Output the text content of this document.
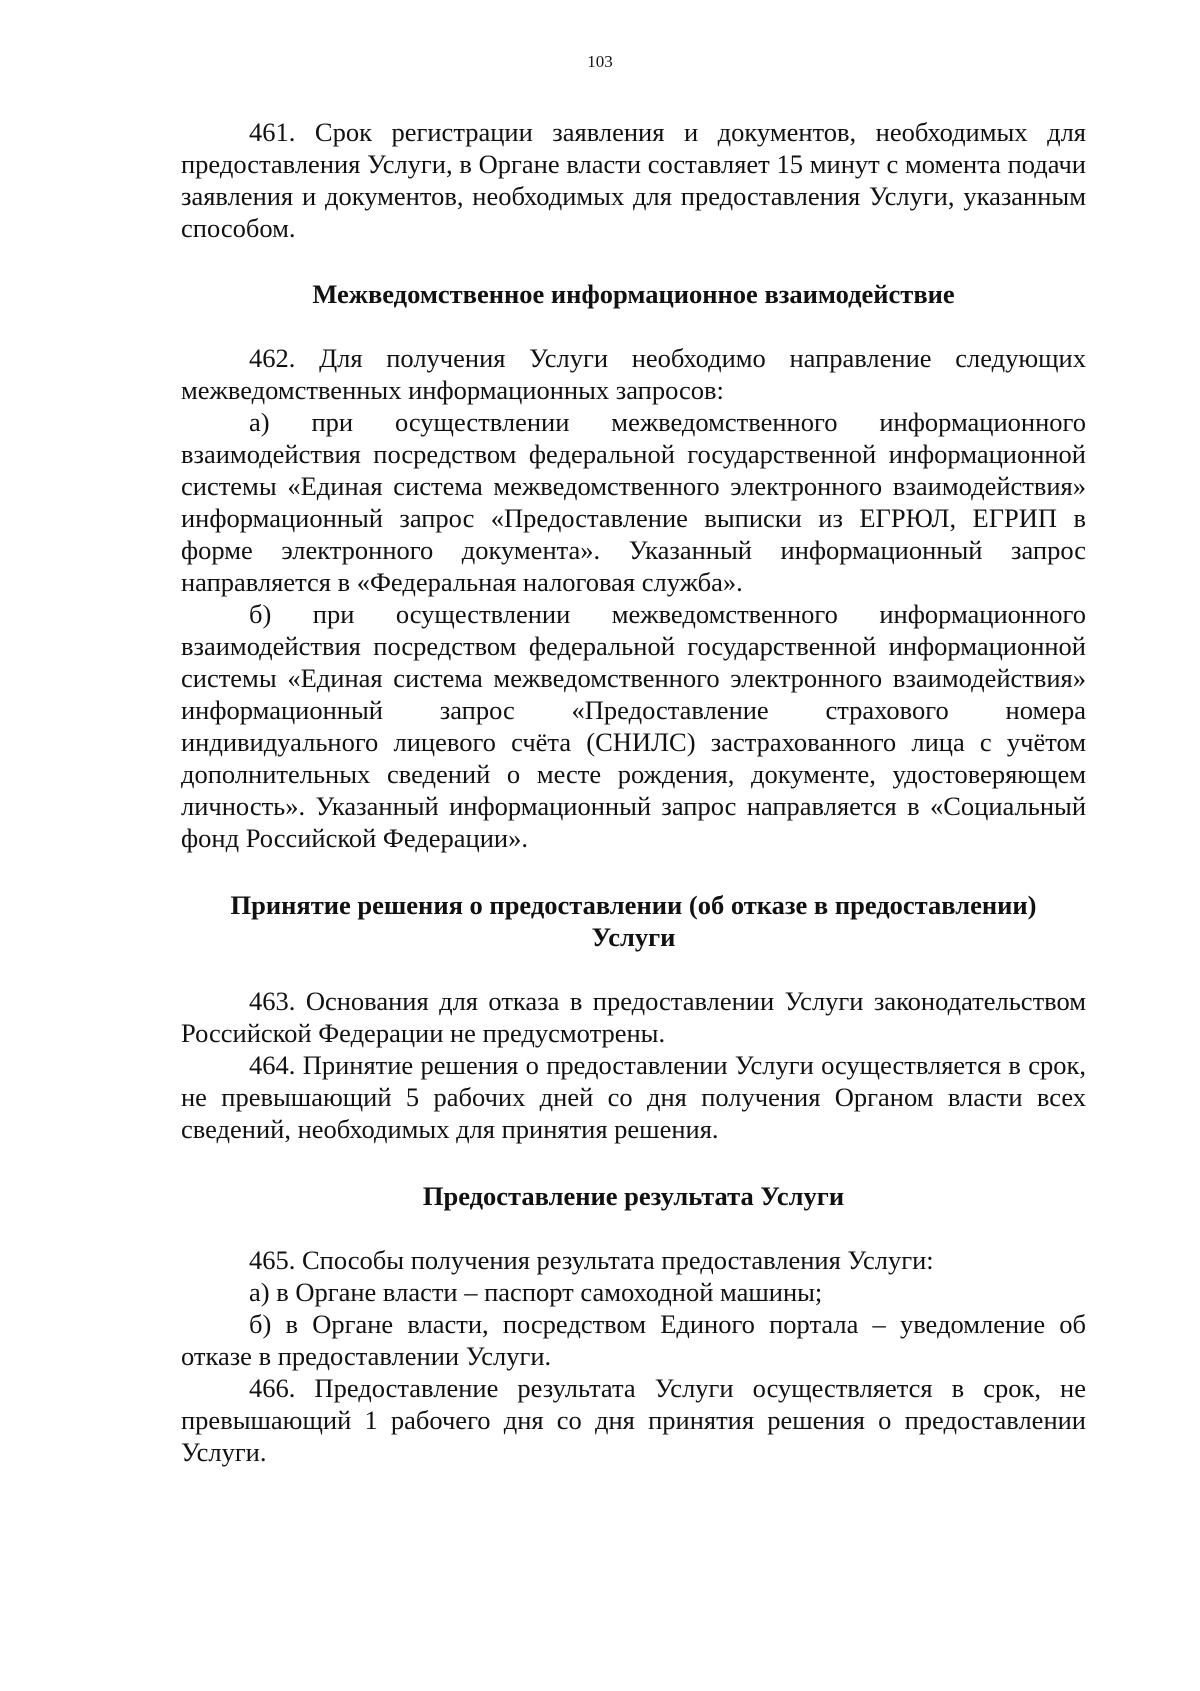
103

461. Срок регистрации заявления и документов, необходимых для предоставления Услуги, в Органе власти составляет 15 минут с момента подачи заявления и документов, необходимых для предоставления Услуги, указанным способом.

Межведомственное информационное взаимодействие

462. Для получения Услуги необходимо направление следующих межведомственных информационных запросов:

а) при осуществлении межведомственного информационного взаимодействия посредством федеральной государственной информационной системы «Единая система межведомственного электронного взаимодействия» информационный запрос «Предоставление выписки из ЕГРЮЛ, ЕГРИП в форме электронного документа». Указанный информационный запрос направляется в «Федеральная налоговая служба».

б) при осуществлении межведомственного информационного взаимодействия посредством федеральной государственной информационной системы «Единая система межведомственного электронного взаимодействия» информационный запрос «Предоставление страхового номера индивидуального лицевого счёта (СНИЛС) застрахованного лица с учётом дополнительных сведений о месте рождения, документе, удостоверяющем личность». Указанный информационный запрос направляется в «Социальный фонд Российской Федерации».

Принятие решения о предоставлении (об отказе в предоставлении)

Услуги

463. Основания для отказа в предоставлении Услуги законодательством Российской Федерации не предусмотрены.

464. Принятие решения о предоставлении Услуги осуществляется в срок, не превышающий 5 рабочих дней со дня получения Органом власти всех сведений, необходимых для принятия решения.

Предоставление результата Услуги

465. Способы получения результата предоставления Услуги:

а) в Органе власти – паспорт самоходной машины;

б) в Органе власти, посредством Единого портала – уведомление об отказе в предоставлении Услуги.

466. Предоставление результата Услуги осуществляется в срок, не превышающий 1 рабочего дня со дня принятия решения о предоставлении Услуги.
